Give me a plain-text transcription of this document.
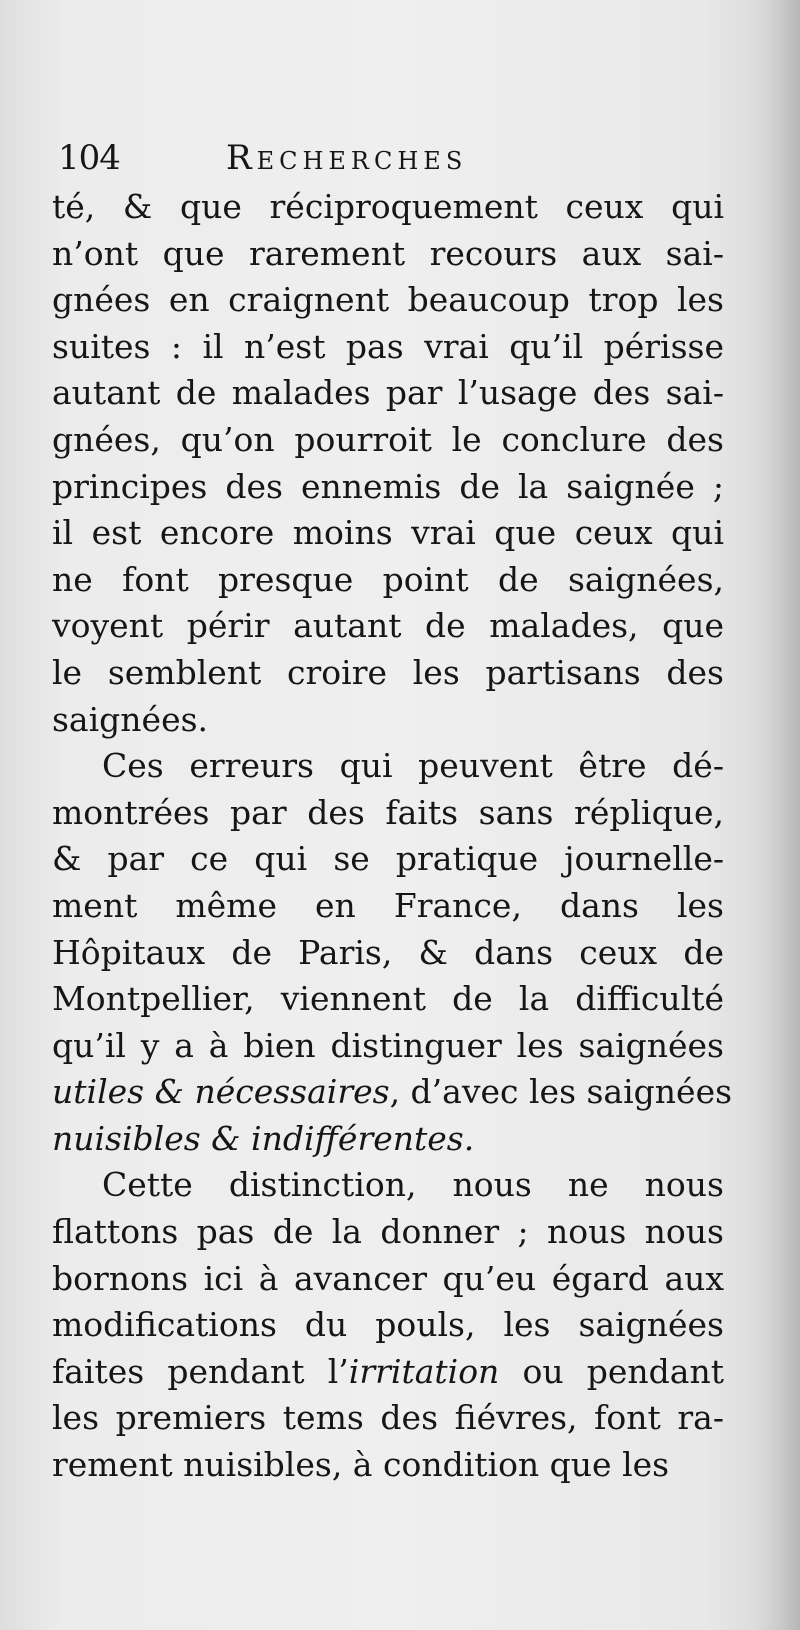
104	Recherches
té, & que réciproquement ceux qui
n’ont que rarement recours aux sai-
gnées en craignent beaucoup trop les
suites : il n’est pas vrai qu’il périsse
autant de malades par l’usage des sai-
gnées, qu’on pourroit le conclure des
principes des ennemis de la saignée ;
il est encore moins vrai que ceux qui
ne font presque point de saignées,
voyent périr autant de malades, que
le semblent croire les partisans des
saignées.
Ces erreurs qui peuvent être dé-
montrées par des faits sans réplique,
& par ce qui se pratique journelle-
ment même en France, dans les
Hôpitaux de Paris, & dans ceux de
Montpellier, viennent de la difficulté
qu’il y a à bien distinguer les saignées
utiles & nécessaires, d’avec les saignées
nuisibles & indifférentes.
Cette distinction, nous ne nous
flattons pas de la donner ; nous nous
bornons ici à avancer qu’eu égard aux
modifications du pouls, les saignées
faites pendant l’irritation ou pendant
les premiers tems des fiévres, font ra-
rement nuisibles, à condition que les
